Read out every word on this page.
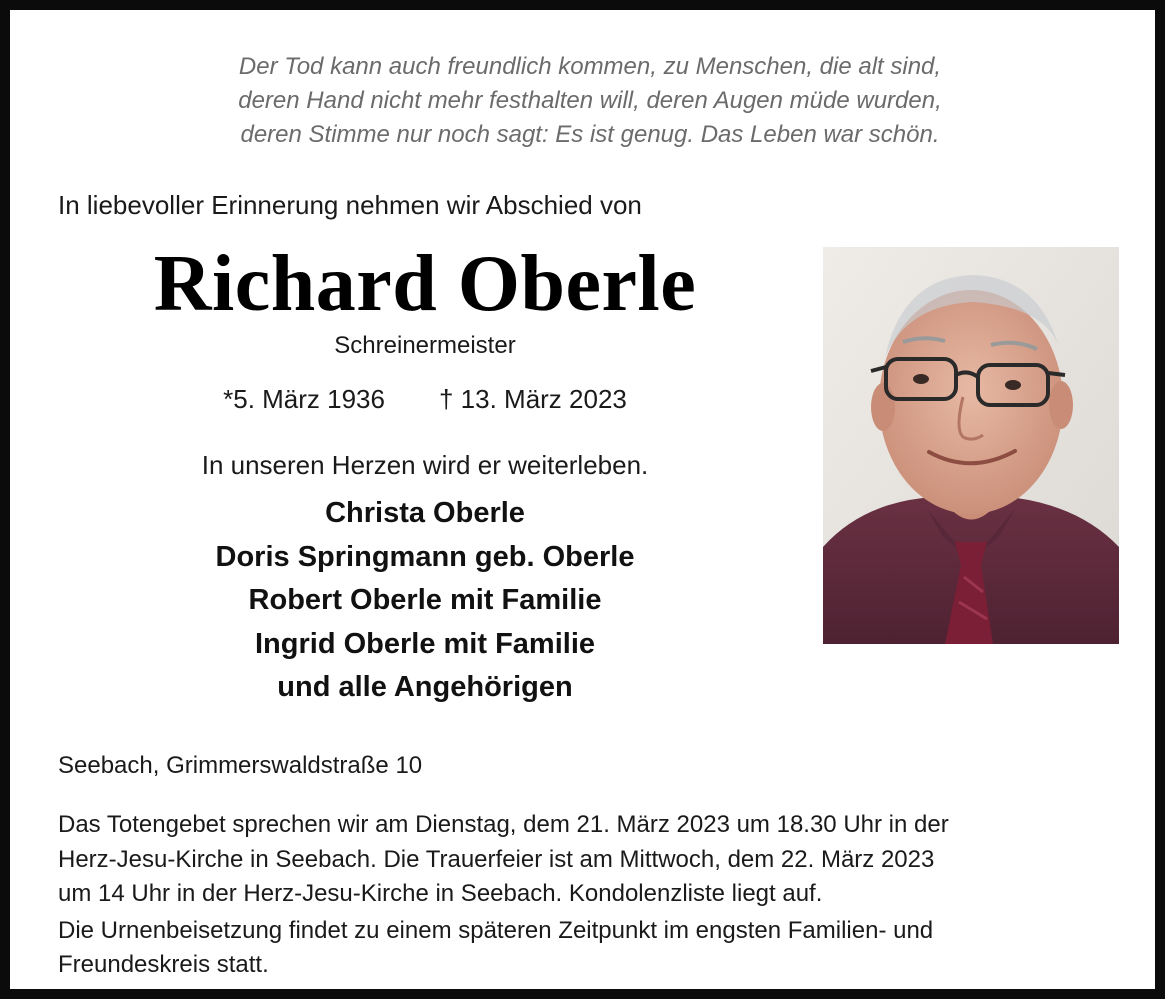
Der Tod kann auch freundlich kommen, zu Menschen, die alt sind,
deren Hand nicht mehr festhalten will, deren Augen müde wurden,
deren Stimme nur noch sagt: Es ist genug. Das Leben war schön.
In liebevoller Erinnerung nehmen wir Abschied von
Richard Oberle
Schreinermeister
*5. März 1936 † 13. März 2023
In unseren Herzen wird er weiterleben.
Christa Oberle
Doris Springmann geb. Oberle
Robert Oberle mit Familie
Ingrid Oberle mit Familie
und alle Angehörigen
Seebach, Grimmerswaldstraße 10
Das Totengebet sprechen wir am Dienstag, dem 21. März 2023 um 18.30 Uhr in der
Herz-Jesu-Kirche in Seebach. Die Trauerfeier ist am Mittwoch, dem 22. März 2023
um 14 Uhr in der Herz-Jesu-Kirche in Seebach. Kondolenzliste liegt auf.
Die Urnenbeisetzung findet zu einem späteren Zeitpunkt im engsten Familien- und
Freundeskreis statt.
